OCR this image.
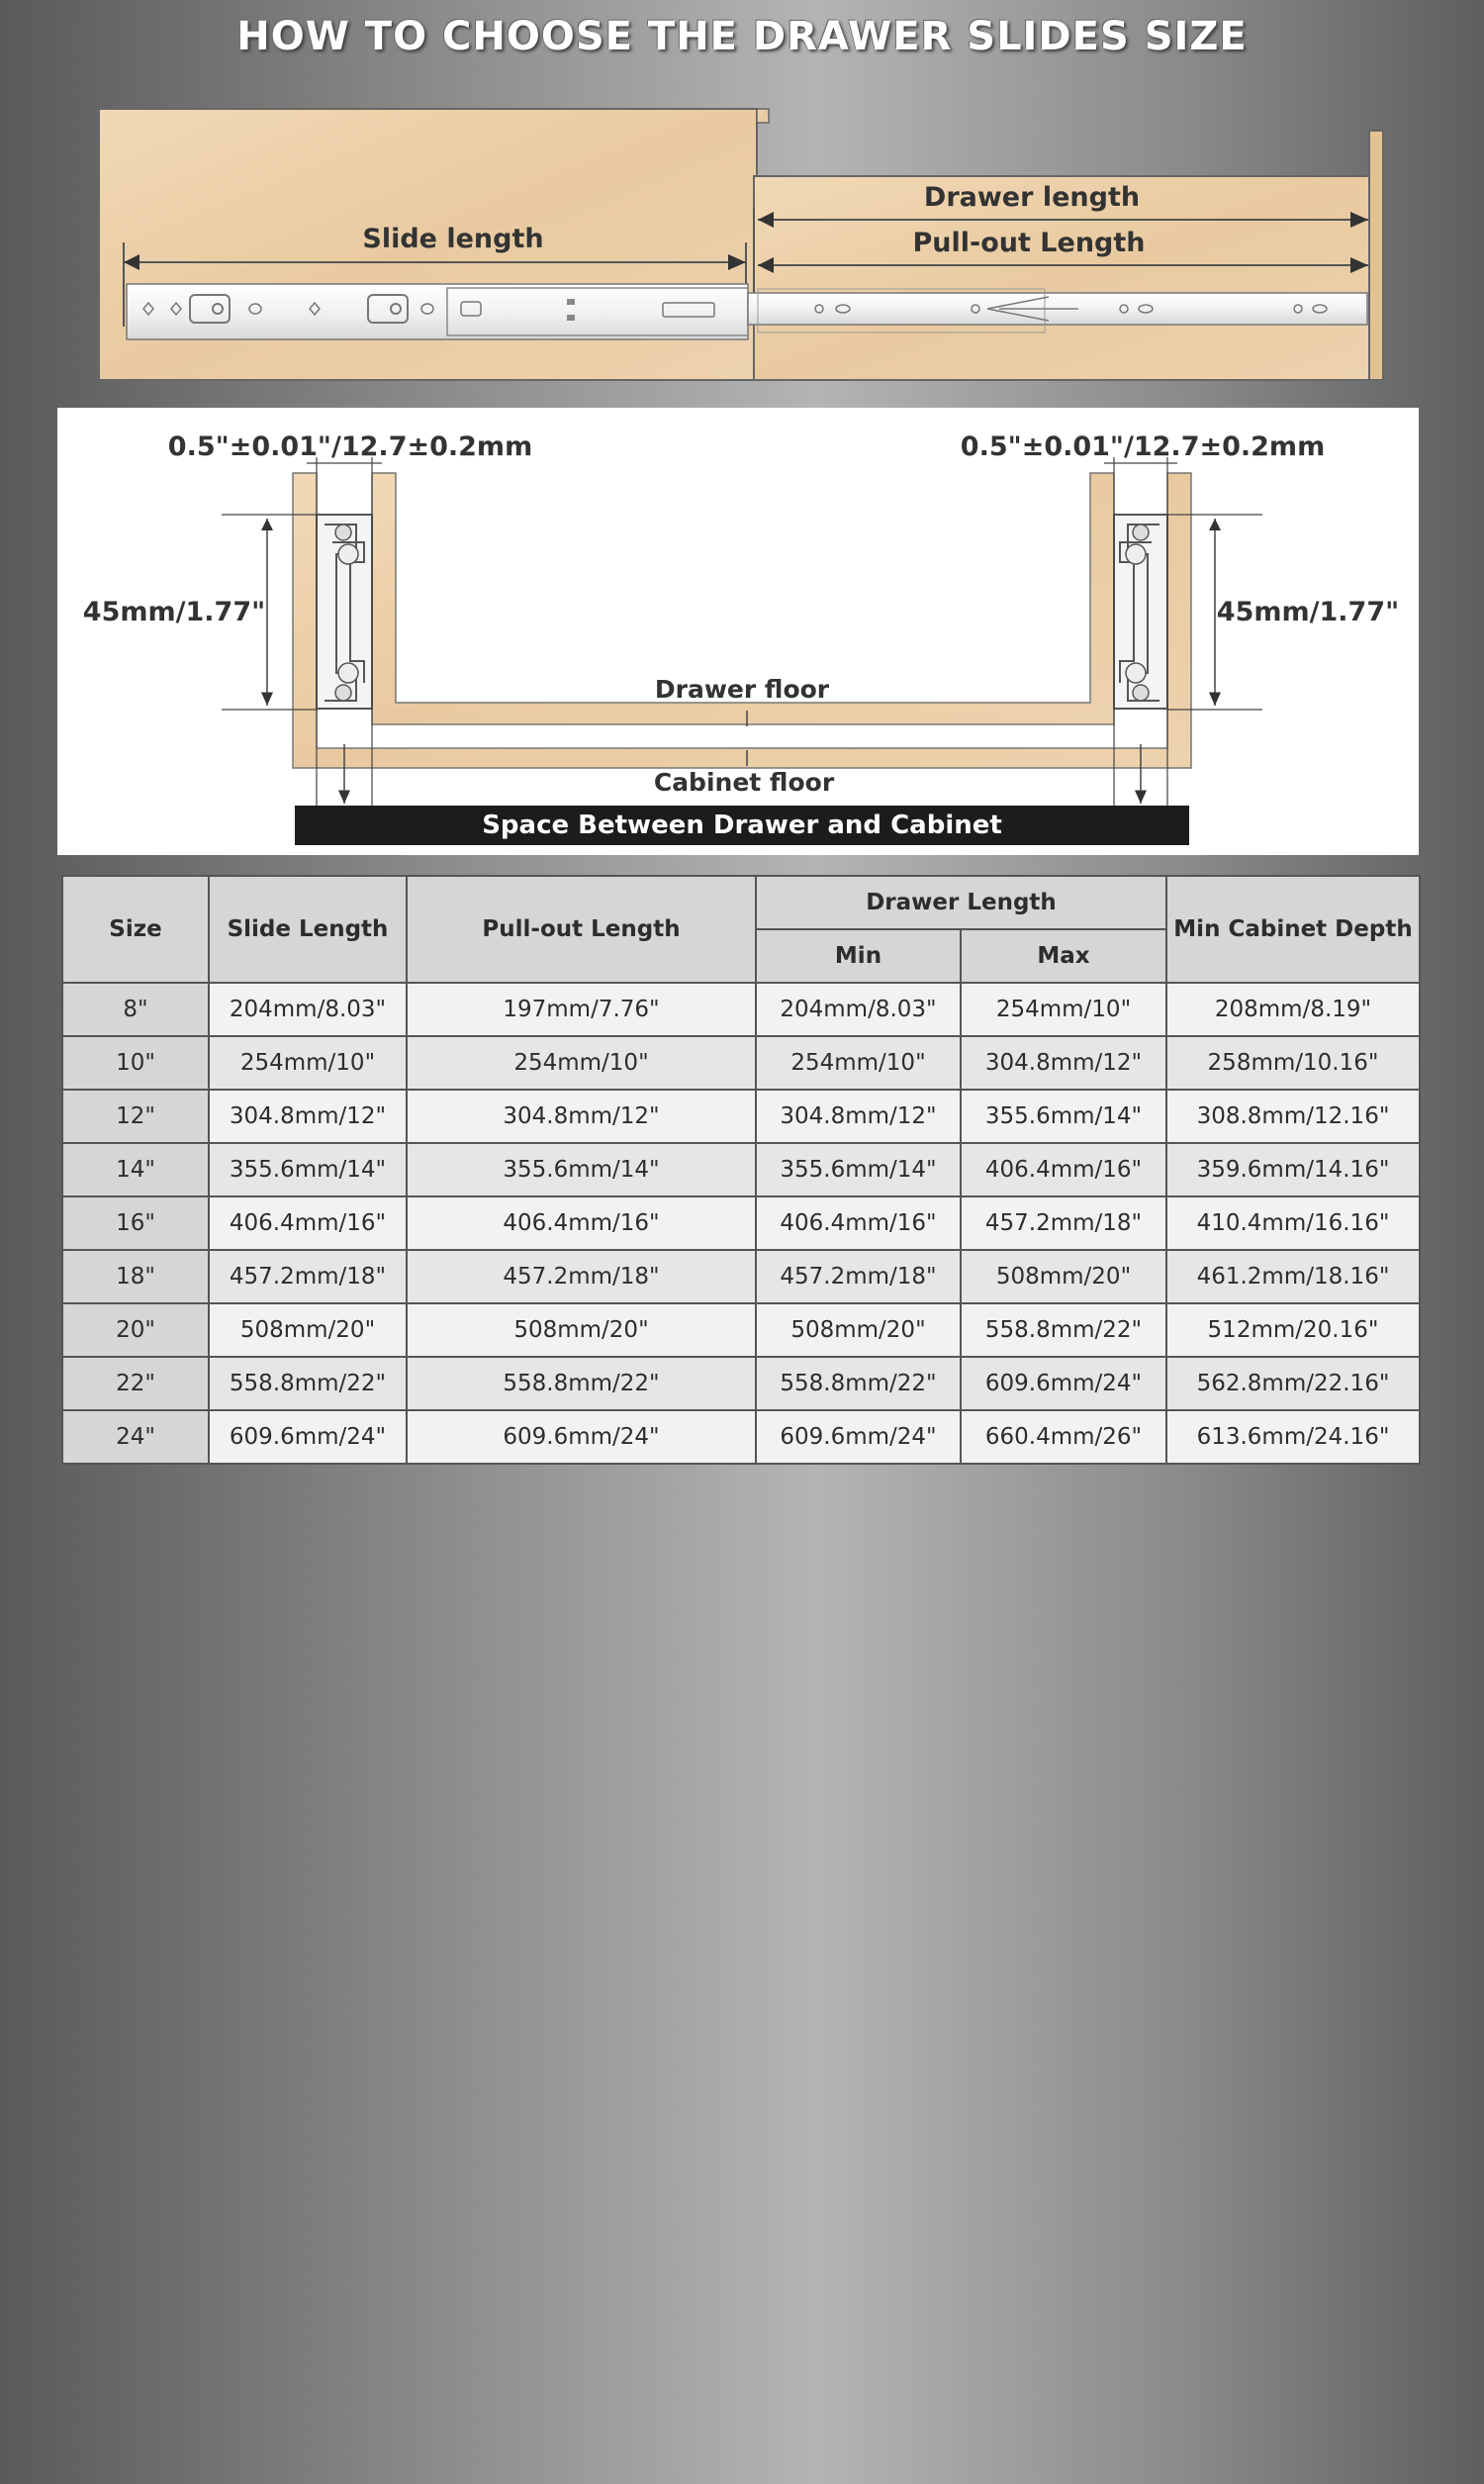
HOW TO CHOOSE THE DRAWER SLIDES SIZE
Slide length
Drawer length
Pull-out Length
0.5"±0.01"/12.7±0.2mm	0.5"±0.01"/12.7±0.2mm
45mm/1.77"	45mm/1.77"
Drawer floor
Cabinet floor
Space Between Drawer and Cabinet
Size	Slide Length	Pull-out Length	Drawer Length		Min Cabinet Depth
			Min	Max	
8"	204mm/8.03"	197mm/7.76"	204mm/8.03"	254mm/10"	208mm/8.19"
10"	254mm/10"	254mm/10"	254mm/10"	304.8mm/12"	258mm/10.16"
12"	304.8mm/12"	304.8mm/12"	304.8mm/12"	355.6mm/14"	308.8mm/12.16"
14"	355.6mm/14"	355.6mm/14"	355.6mm/14"	406.4mm/16"	359.6mm/14.16"
16"	406.4mm/16"	406.4mm/16"	406.4mm/16"	457.2mm/18"	410.4mm/16.16"
18"	457.2mm/18"	457.2mm/18"	457.2mm/18"	508mm/20"	461.2mm/18.16"
20"	508mm/20"	508mm/20"	508mm/20"	558.8mm/22"	512mm/20.16"
22"	558.8mm/22"	558.8mm/22"	558.8mm/22"	609.6mm/24"	562.8mm/22.16"
24"	609.6mm/24"	609.6mm/24"	609.6mm/24"	660.4mm/26"	613.6mm/24.16"
